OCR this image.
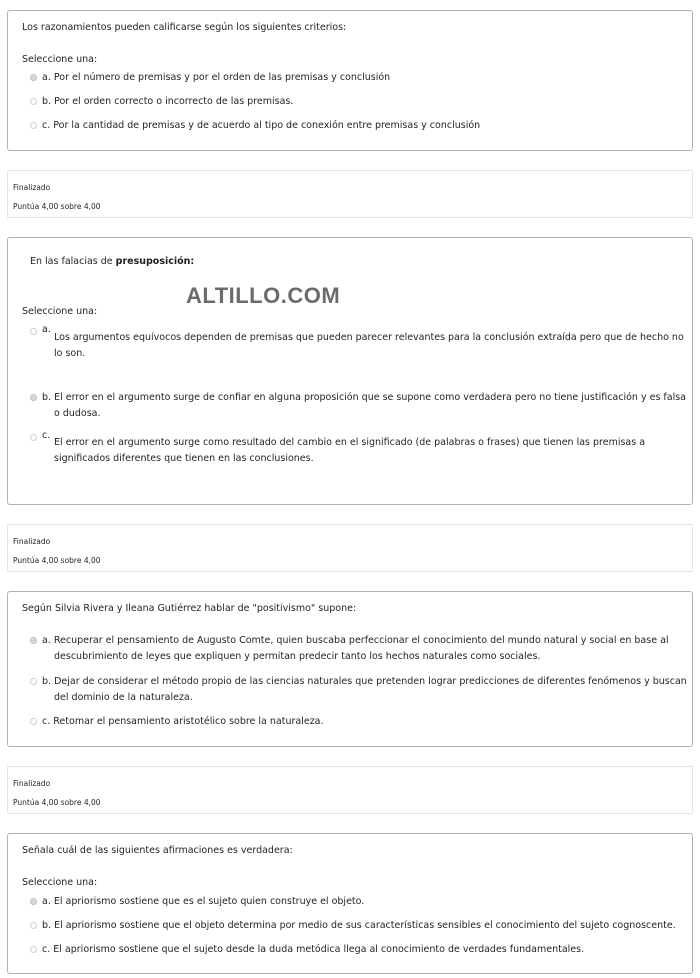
Los razonamientos pueden calificarse según los siguientes criterios:
Seleccione una:
a. Por el número de premisas y por el orden de las premisas y conclusión
b. Por el orden correcto o incorrecto de las premisas.
c. Por la cantidad de premisas y de acuerdo al tipo de conexión entre premisas y conclusión
Finalizado
Puntúa 4,00 sobre 4,00
En las falacias de presuposición:
Seleccione una:
a.
Los argumentos equívocos dependen de premisas que pueden parecer relevantes para la conclusión extraída pero que de hecho no
lo son.
b. El error en el argumento surge de confiar en alguna proposición que se supone como verdadera pero no tiene justificación y es falsa
o dudosa.
c.
El error en el argumento surge como resultado del cambio en el significado (de palabras o frases) que tienen las premisas a
significados diferentes que tienen en las conclusiones.
ALTILLO.COM
Finalizado
Puntúa 4,00 sobre 4,00
Según Silvia Rivera y Ileana Gutiérrez hablar de "positivismo" supone:
a. Recuperar el pensamiento de Augusto Comte, quien buscaba perfeccionar el conocimiento del mundo natural y social en base al
descubrimiento de leyes que expliquen y permitan predecir tanto los hechos naturales como sociales.
b. Dejar de considerar el método propio de las ciencias naturales que pretenden lograr predicciones de diferentes fenómenos y buscan
del dominio de la naturaleza.
c. Retomar el pensamiento aristotélico sobre la naturaleza.
Finalizado
Puntúa 4,00 sobre 4,00
Señala cuál de las siguientes afirmaciones es verdadera:
Seleccione una:
a. El apriorismo sostiene que es el sujeto quien construye el objeto.
b. El apriorismo sostiene que el objeto determina por medio de sus características sensibles el conocimiento del sujeto cognoscente.
c. El apriorismo sostiene que el sujeto desde la duda metódica llega al conocimiento de verdades fundamentales.
